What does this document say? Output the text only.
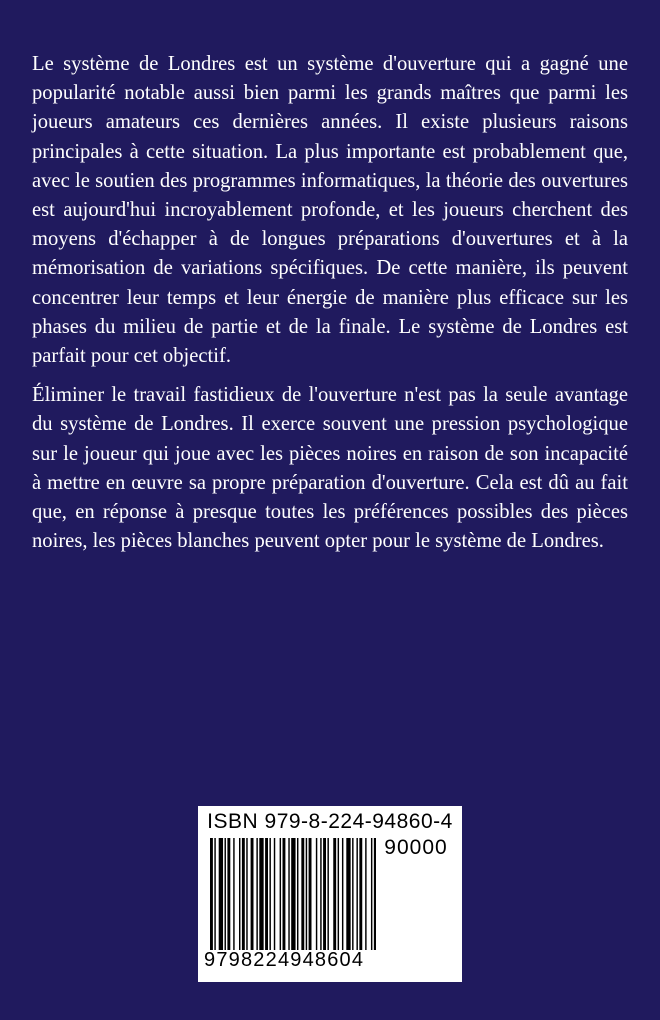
Le système de Londres est un système d'ouverture qui a gagné une popularité notable aussi bien parmi les grands maîtres que parmi les joueurs amateurs ces dernières années. Il existe plusieurs raisons principales à cette situation. La plus importante est probablement que, avec le soutien des programmes informatiques, la théorie des ouvertures est aujourd'hui incroyablement profonde, et les joueurs cherchent des moyens d'échapper à de longues préparations d'ouvertures et à la mémorisation de variations spécifiques. De cette manière, ils peuvent concentrer leur temps et leur énergie de manière plus efficace sur les phases du milieu de partie et de la finale. Le système de Londres est parfait pour cet objectif.

Éliminer le travail fastidieux de l'ouverture n'est pas la seule avantage du système de Londres. Il exerce souvent une pression psychologique sur le joueur qui joue avec les pièces noires en raison de son incapacité à mettre en œuvre sa propre préparation d'ouverture. Cela est dû au fait que, en réponse à presque toutes les préférences possibles des pièces noires, les pièces blanches peuvent opter pour le système de Londres.

ISBN 979-8-224-94860-4
90000
9798224948604
